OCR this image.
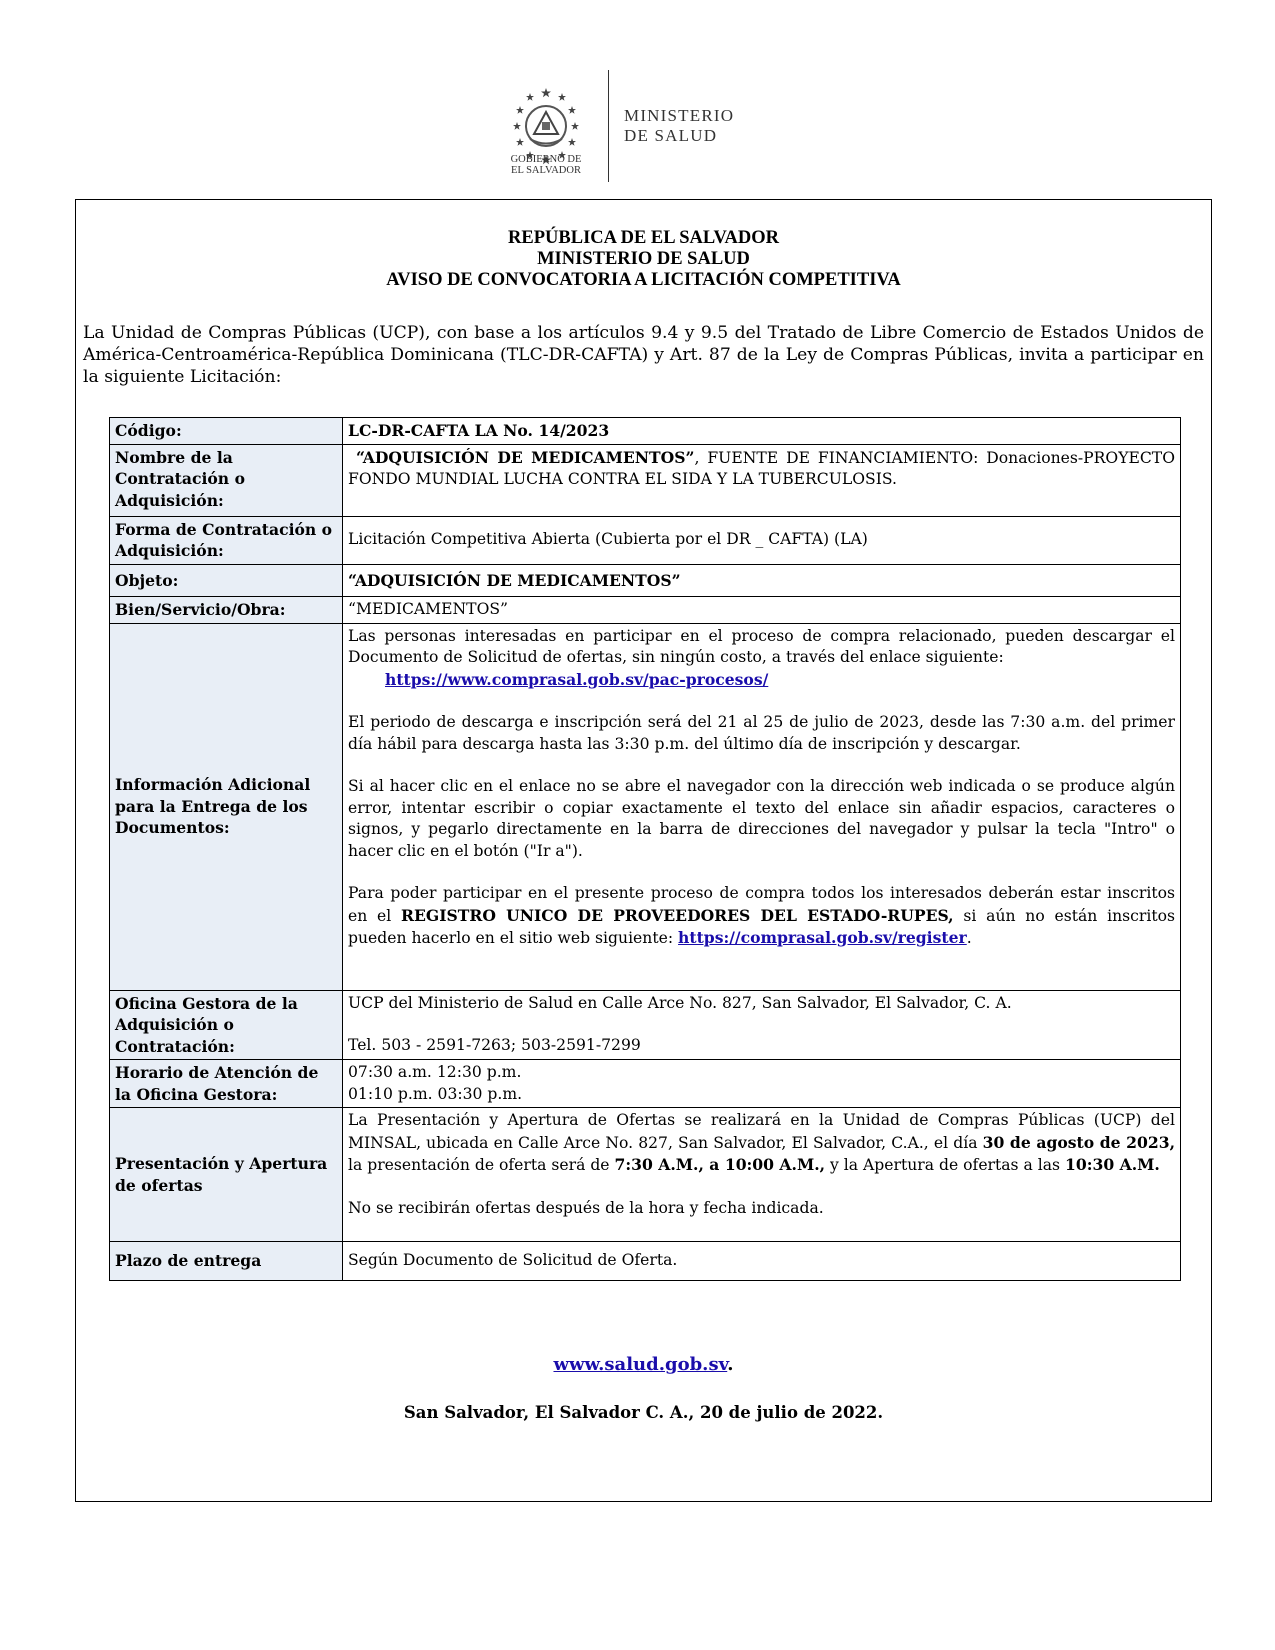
GOBIERNO DE
EL SALVADOR
MINISTERIO
DE SALUD
REPÚBLICA DE EL SALVADOR
MINISTERIO DE SALUD
AVISO DE CONVOCATORIA A LICITACIÓN COMPETITIVA
La Unidad de Compras Públicas (UCP), con base a los artículos 9.4 y 9.5 del Tratado de Libre Comercio de Estados Unidos de América-Centroamérica-República Dominicana (TLC-DR-CAFTA) y Art. 87 de la Ley de Compras Públicas, invita a participar en la siguiente Licitación:
Código:	LC-DR-CAFTA LA No. 14/2023
Nombre de la Contratación o Adquisición:	“ADQUISICIÓN DE MEDICAMENTOS”, FUENTE DE FINANCIAMIENTO: Donaciones-PROYECTO FONDO MUNDIAL LUCHA CONTRA EL SIDA Y LA TUBERCULOSIS.
Forma de Contratación o Adquisición:	Licitación Competitiva Abierta (Cubierta por el DR _ CAFTA) (LA)
Objeto:	“ADQUISICIÓN DE MEDICAMENTOS”
Bien/Servicio/Obra:	“MEDICAMENTOS”
Información Adicional para la Entrega de los Documentos:	Las personas interesadas en participar en el proceso de compra relacionado, pueden descargar el Documento de Solicitud de ofertas, sin ningún costo, a través del enlace siguiente:
https://www.comprasal.gob.sv/pac-procesos/
El periodo de descarga e inscripción será del 21 al 25 de julio de 2023, desde las 7:30 a.m. del primer día hábil para descarga hasta las 3:30 p.m. del último día de inscripción y descargar.
Si al hacer clic en el enlace no se abre el navegador con la dirección web indicada o se produce algún error, intentar escribir o copiar exactamente el texto del enlace sin añadir espacios, caracteres o signos, y pegarlo directamente en la barra de direcciones del navegador y pulsar la tecla "Intro" o hacer clic en el botón ("Ir a").
Para poder participar en el presente proceso de compra todos los interesados deberán estar inscritos en el REGISTRO UNICO DE PROVEEDORES DEL ESTADO-RUPES, si aún no están inscritos pueden hacerlo en el sitio web siguiente: https://comprasal.gob.sv/register.

Oficina Gestora de la Adquisición o Contratación:	UCP del Ministerio de Salud en Calle Arce No. 827, San Salvador, El Salvador, C. A.
Tel. 503 - 2591-7263; 503-2591-7299

Horario de Atención de la Oficina Gestora:	07:30 a.m. 12:30 p.m.
01:10 p.m. 03:30 p.m.

Presentación y Apertura de ofertas	La Presentación y Apertura de Ofertas se realizará en la Unidad de Compras Públicas (UCP) del MINSAL, ubicada en Calle Arce No. 827, San Salvador, El Salvador, C.A., el día 30 de agosto de 2023, la presentación de oferta será de 7:30 A.M., a 10:00 A.M., y la Apertura de ofertas a las 10:30 A.M.
No se recibirán ofertas después de la hora y fecha indicada.

Plazo de entrega	Según Documento de Solicitud de Oferta.
www.salud.gob.sv.
San Salvador, El Salvador C. A., 20 de julio de 2022.
